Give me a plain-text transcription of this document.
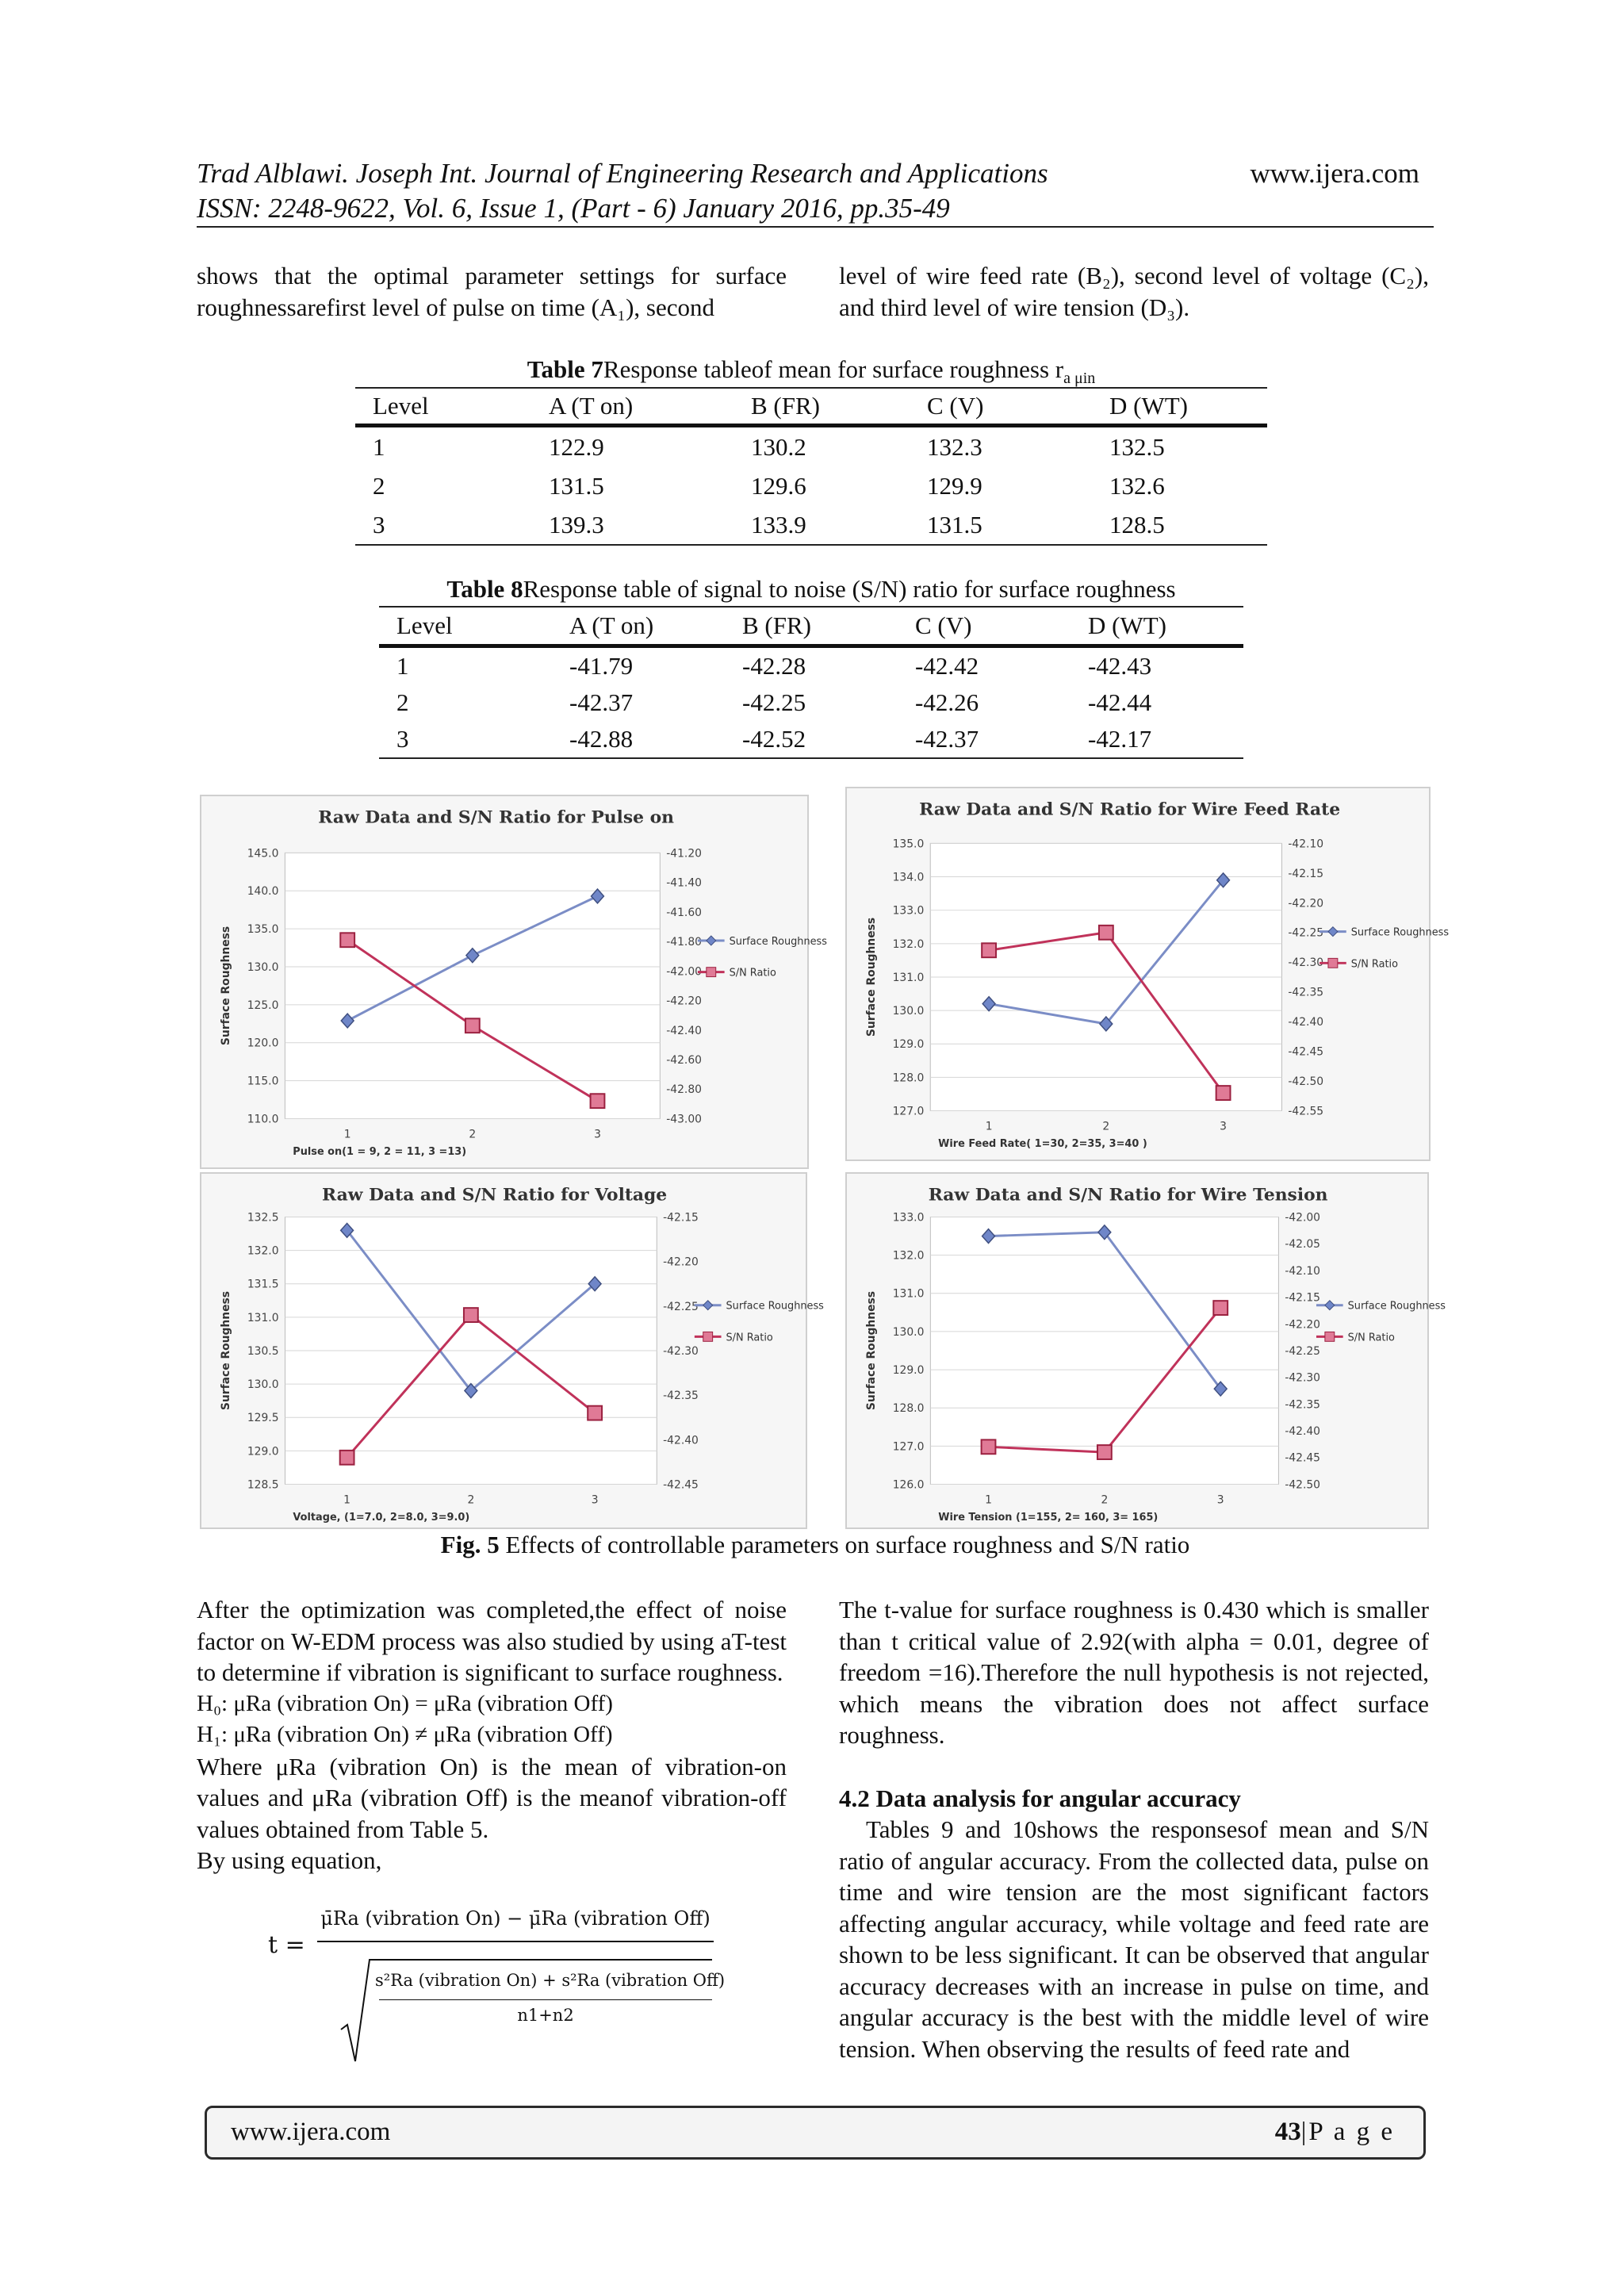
Trad Alblawi. Joseph Int. Journal of Engineering Research and Applications
ISSN: 2248-9622, Vol. 6, Issue 1, (Part - 6) January 2016, pp.35-49
www.ijera.com

shows that the optimal parameter settings for surface roughnessarefirst level of pulse on time (A₁), second

level of wire feed rate (B₂), second level of voltage (C₂), and third level of wire tension (D₃).

Table 7Response tableof mean for surface roughness $r_{a \mu in}$
Level	A (T on)	B (FR)	C (V)	D (WT)
1	122.9	130.2	132.3	132.5
2	131.5	129.6	129.9	132.6
3	139.3	133.9	131.5	128.5
Table 8Response table of signal to noise (S/N) ratio for surface roughness
Level	A (T on)	B (FR)	C (V)	D (WT)
1	-41.79	-42.28	-42.42	-42.43
2	-42.37	-42.25	-42.26	-42.44
3	-42.88	-42.52	-42.37	-42.17
Raw Data and S/N Ratio for Pulse on
145.0
140.0
135.0
130.0
125.0
120.0
115.0
110.0
-41.20
-41.40
-41.60
-41.80
-42.00
-42.20
-42.40
-42.60
-42.80
-43.00
Surface Roughness
1	2	3
Pulse on(1 = 9, 2 = 11, 3 =13)
Surface Roughness
S/N Ratio
Raw Data and S/N Ratio for Wire Feed Rate
135.0
134.0
133.0
132.0
131.0
130.0
129.0
128.0
127.0
-42.10
-42.15
-42.20
-42.25
-42.30
-42.35
-42.40
-42.45
-42.50
-42.55
Surface Roughness
1	2	3
Wire Feed Rate( 1=30, 2=35, 3=40 )
Surface Roughness
S/N Ratio
Raw Data and S/N Ratio for Voltage
132.5
132.0
131.5
131.0
130.5
130.0
129.5
129.0
128.5
-42.15
-42.20
-42.25
-42.30
-42.35
-42.40
-42.45
Surface Roughness
1	2	3
Voltage, (1=7.0, 2=8.0, 3=9.0)
Surface Roughness
S/N Ratio
Raw Data and S/N Ratio for Wire Tension
133.0
132.0
131.0
130.0
129.0
128.0
127.0
126.0
-42.00
-42.05
-42.10
-42.15
-42.20
-42.25
-42.30
-42.35
-42.40
-42.45
-42.50
Surface Roughness
1	2	3
Wire Tension (1=155, 2= 160, 3= 165)
Surface Roughness
S/N Ratio
Fig. 5 Effects of controllable parameters on surface roughness and S/N ratio

After the optimization was completed,the effect of noise factor on W-EDM process was also studied by using aT-test to determine if vibration is significant to surface roughness.

H₀: μRa (vibration On) = μRa (vibration Off)

H₁: μRa (vibration On) ≠ μRa (vibration Off)

Where μRa (vibration On) is the mean of vibration-on values and μRa (vibration Off) is the meanof vibration-off values obtained from Table 5.

By using equation,

t =
μ̄Ra (vibration On) − μ̄Ra (vibration Off)
s²Ra (vibration On) + s²Ra (vibration Off)
n1+n2

The t-value for surface roughness is 0.430 which is smaller than t critical value of 2.92(with alpha = 0.01, degree of freedom =16).Therefore the null hypothesis is not rejected, which means the vibration does not affect surface roughness.

4.2 Data analysis for angular accuracy

Tables 9 and 10shows the responsesof mean and S/N ratio of angular accuracy. From the collected data, pulse on time and wire tension are the most significant factors affecting angular accuracy, while voltage and feed rate are shown to be less significant. It can be observed that angular accuracy decreases with an increase in pulse on time, and angular accuracy is the best with the middle level of wire tension. When observing the results of feed rate and

www.ijera.com	43|P a g e
